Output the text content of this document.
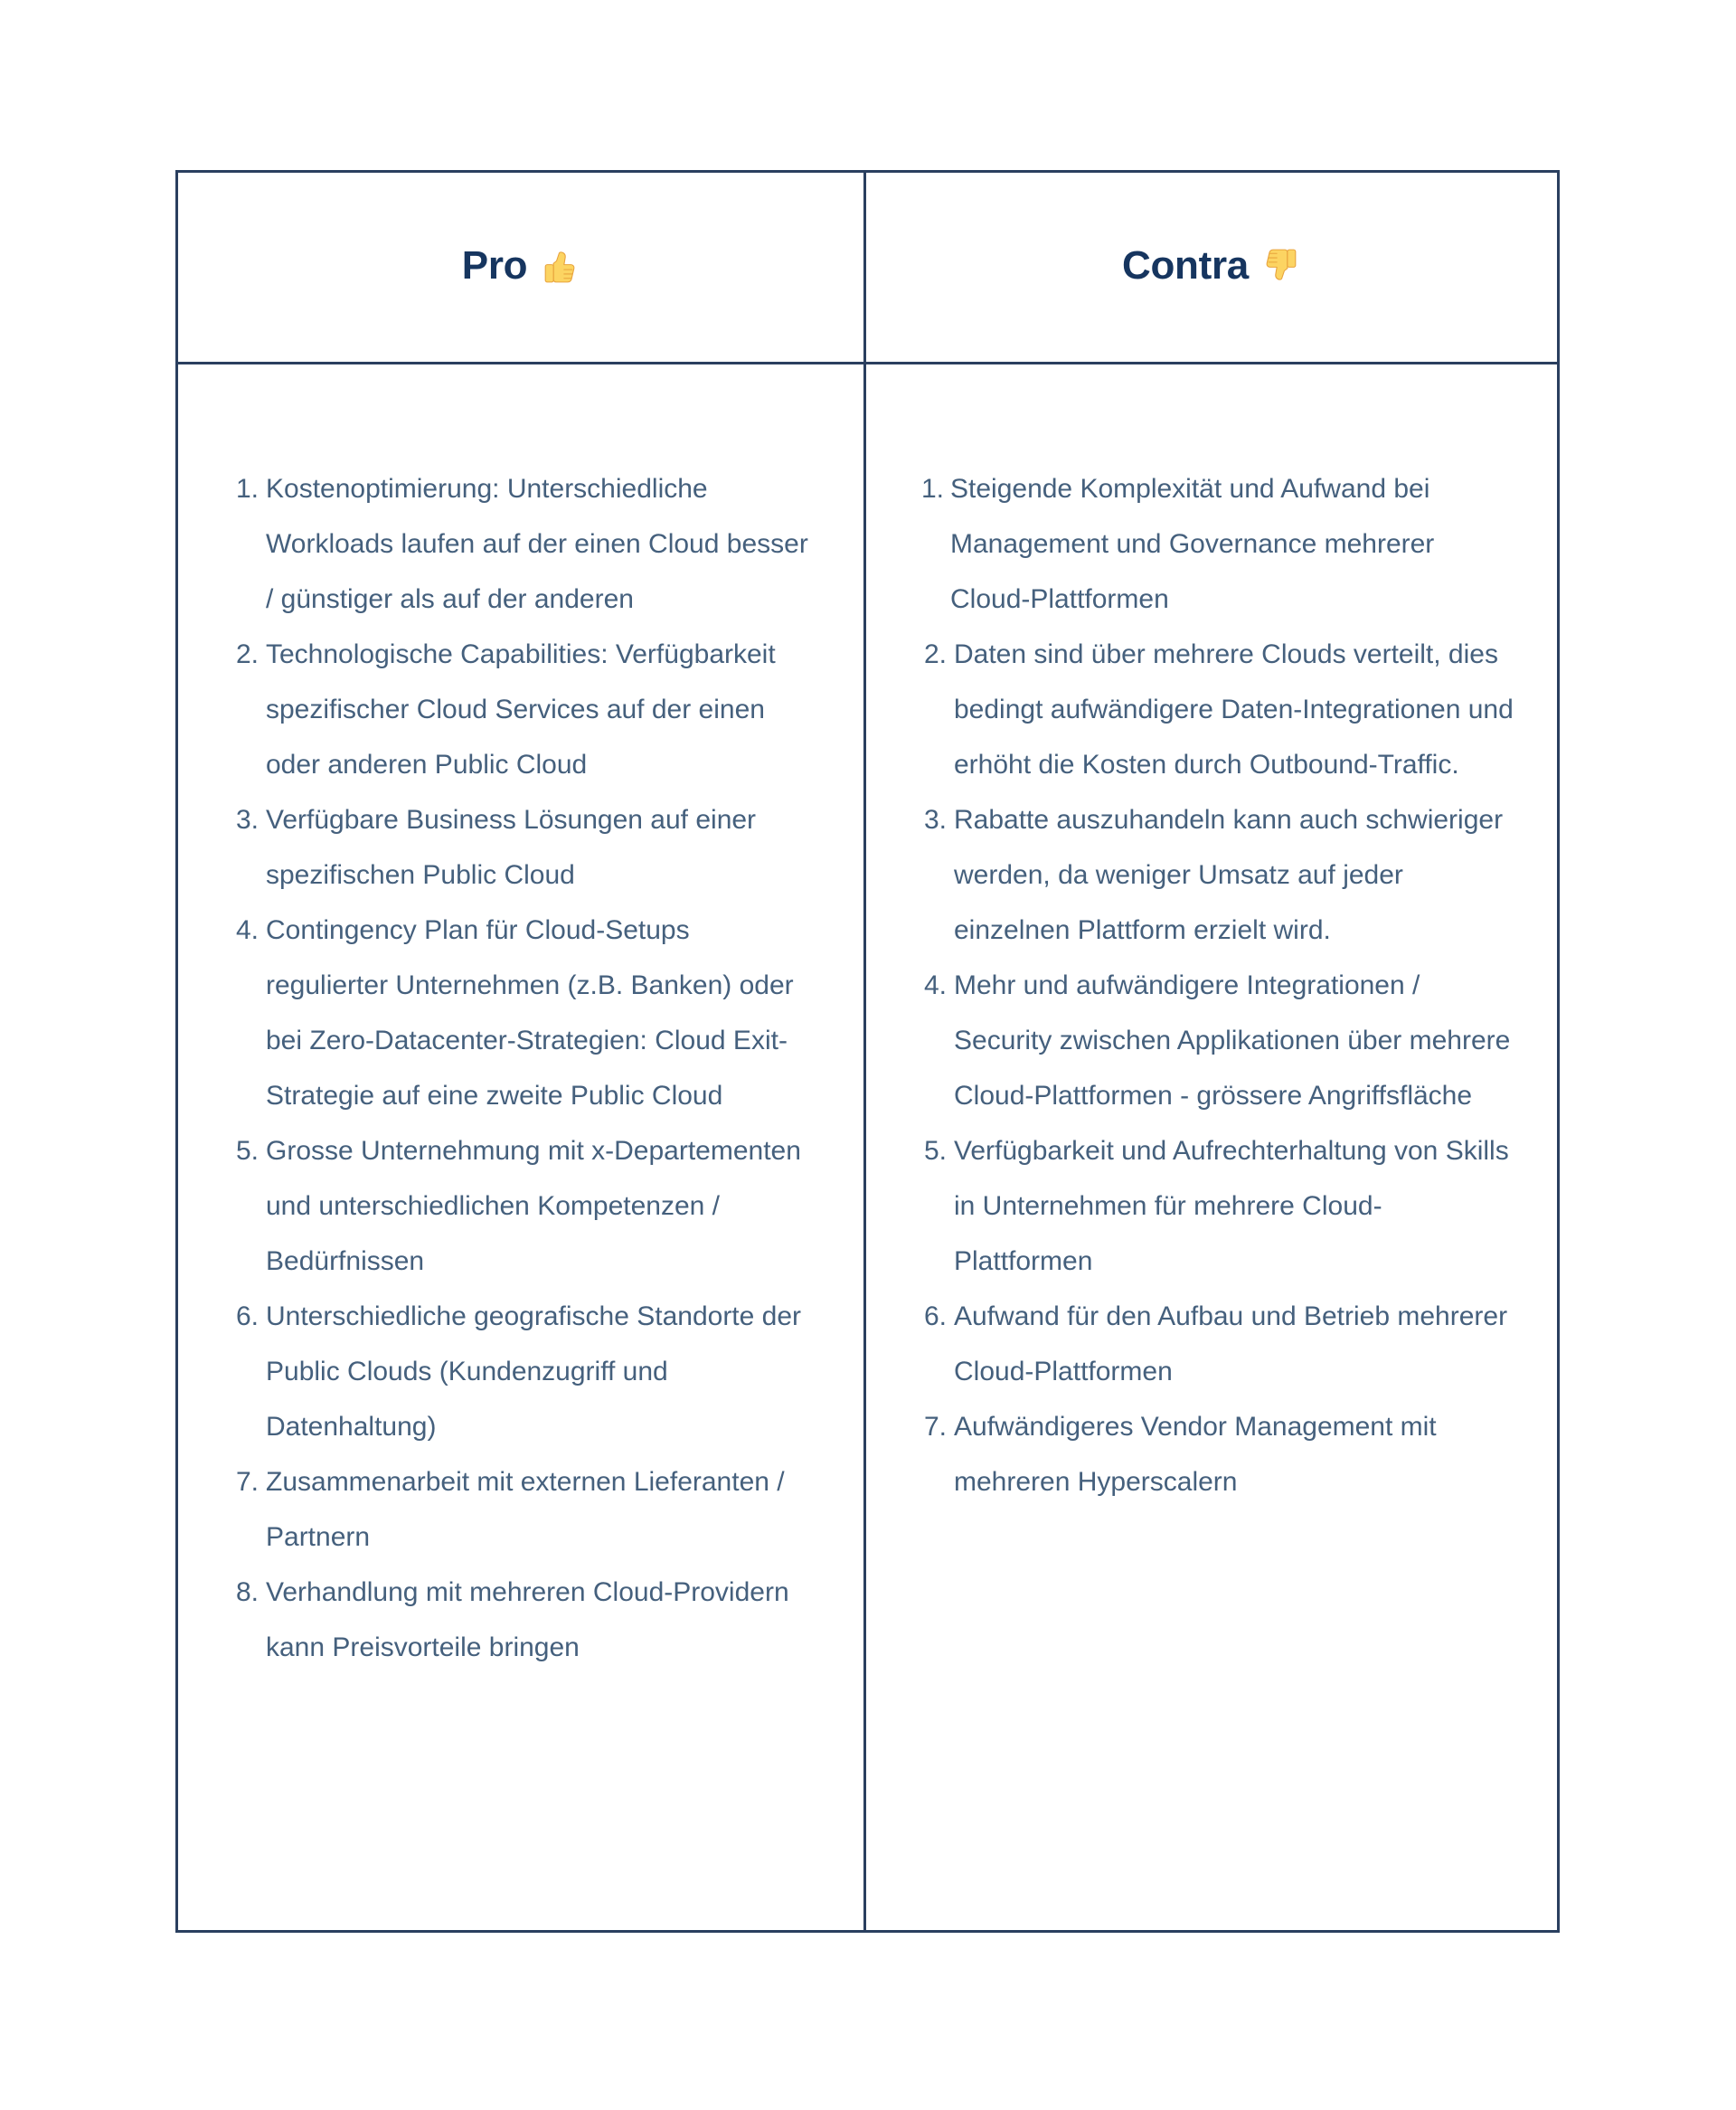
Pro	Contra
1. Kostenoptimierung: Unterschiedliche Workloads laufen auf der einen Cloud besser / günstiger als auf der anderen
2. Technologische Capabilities: Verfügbarkeit spezifischer Cloud Services auf der einen oder anderen Public Cloud
3. Verfügbare Business Lösungen auf einer spezifischen Public Cloud
4. Contingency Plan für Cloud-Setups regulierter Unternehmen (z.B. Banken) oder bei Zero-Datacenter-Strategien: Cloud Exit-Strategie auf eine zweite Public Cloud
5. Grosse Unternehmung mit x-Departementen und unterschiedlichen Kompetenzen / Bedürfnissen
6. Unterschiedliche geografische Standorte der Public Clouds (Kundenzugriff und Datenhaltung)
7. Zusammenarbeit mit externen Lieferanten / Partnern
8. Verhandlung mit mehreren Cloud-Providern kann Preisvorteile bringen
1. Steigende Komplexität und Aufwand bei Management und Governance mehrerer Cloud-Plattformen
2. Daten sind über mehrere Clouds verteilt, dies bedingt aufwändigere Daten-Integrationen und erhöht die Kosten durch Outbound-Traffic.
3. Rabatte auszuhandeln kann auch schwieriger werden, da weniger Umsatz auf jeder einzelnen Plattform erzielt wird.
4. Mehr und aufwändigere Integrationen / Security zwischen Applikationen über mehrere Cloud-Plattformen - grössere Angriffsfläche
5. Verfügbarkeit und Aufrechterhaltung von Skills in Unternehmen für mehrere Cloud-Plattformen
6. Aufwand für den Aufbau und Betrieb mehrerer Cloud-Plattformen
7. Aufwändigeres Vendor Management mit mehreren Hyperscalern
